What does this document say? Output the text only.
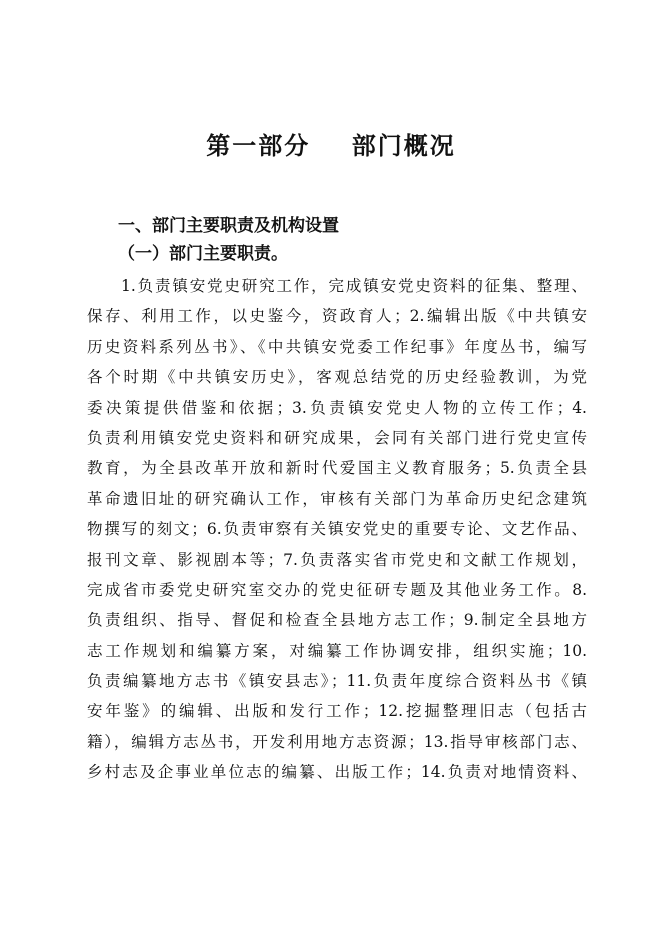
第一部分    部门概况
一、部门主要职责及机构设置
（一）部门主要职责。
1.负责镇安党史研究工作，完成镇安党史资料的征集、整理、
保存、利用工作，以史鉴今，资政育人；2.编辑出版《中共镇安
历史资料系列丛书》、《中共镇安党委工作纪事》年度丛书，编写
各个时期《中共镇安历史》，客观总结党的历史经验教训，为党
委决策提供借鉴和依据；3.负责镇安党史人物的立传工作；4.
负责利用镇安党史资料和研究成果，会同有关部门进行党史宣传
教育，为全县改革开放和新时代爱国主义教育服务；5.负责全县
革命遗旧址的研究确认工作，审核有关部门为革命历史纪念建筑
物撰写的刻文；6.负责审察有关镇安党史的重要专论、文艺作品、
报刊文章、影视剧本等；7.负责落实省市党史和文献工作规划，
完成省市委党史研究室交办的党史征研专题及其他业务工作。8.
负责组织、指导、督促和检查全县地方志工作；9.制定全县地方
志工作规划和编纂方案，对编纂工作协调安排，组织实施；10.
负责编纂地方志书《镇安县志》；11.负责年度综合资料丛书《镇
安年鉴》的编辑、出版和发行工作；12.挖掘整理旧志（包括古
籍），编辑方志丛书，开发利用地方志资源；13.指导审核部门志、
乡村志及企事业单位志的编纂、出版工作；14.负责对地情资料、
